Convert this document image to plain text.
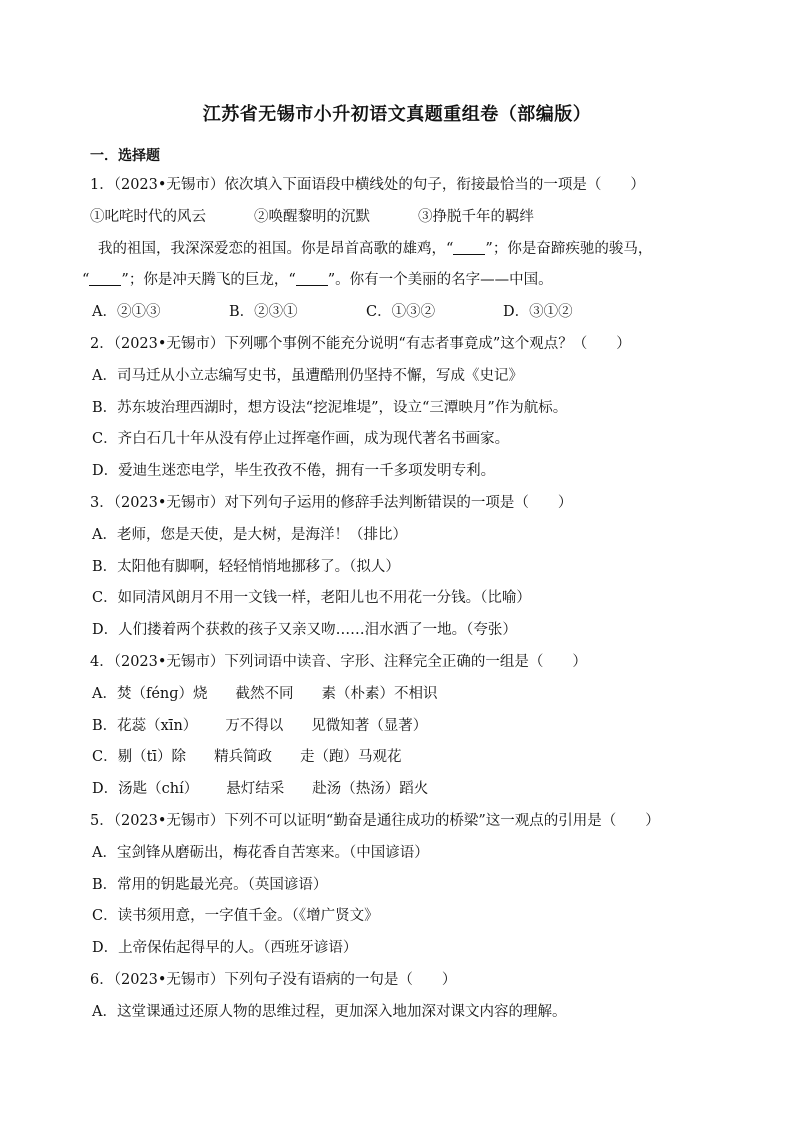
江苏省无锡市小升初语文真题重组卷（部编版）
一．选择题
1．（2023•无锡市）依次填入下面语段中横线处的句子，衔接最恰当的一项是（　　）
①叱咤时代的风云	②唤醒黎明的沉默	③挣脱千年的羁绊
我的祖国，我深深爱恋的祖国。你是昂首高歌的雄鸡，“ ”；你是奋蹄疾驰的骏马，
“ ”；你是冲天腾飞的巨龙，“ ”。你有一个美丽的名字——中国。
A．②①③	B．②③①	C．①③②	D．③①②
2．（2023•无锡市）下列哪个事例不能充分说明“有志者事竟成”这个观点？（　　）
A．司马迁从小立志编写史书，虽遭酷刑仍坚持不懈，写成《史记》
B．苏东坡治理西湖时，想方设法“挖泥堆堤”，设立“三潭映月”作为航标。
C．齐白石几十年从没有停止过挥毫作画，成为现代著名书画家。
D．爱迪生迷恋电学，毕生孜孜不倦，拥有一千多项发明专利。
3．（2023•无锡市）对下列句子运用的修辞手法判断错误的一项是（　　）
A．老师，您是天使，是大树，是海洋！（排比）
B．太阳他有脚啊，轻轻悄悄地挪移了。（拟人）
C．如同清风朗月不用一文钱一样，老阳儿也不用花一分钱。（比喻）
D．人们搂着两个获救的孩子又亲又吻……泪水洒了一地。（夸张）
4．（2023•无锡市）下列词语中读音、字形、注释完全正确的一组是（　　）
A．焚（fénɡ）烧 截然不同 素（朴素）不相识
B．花蕊（xīn） 万不得以 见微知著（显著）
C．剔（tī）除 精兵简政 走（跑）马观花
D．汤匙（chí） 悬灯结采 赴汤（热汤）蹈火
5．（2023•无锡市）下列不可以证明“勤奋是通往成功的桥梁”这一观点的引用是（　　）
A．宝剑锋从磨砺出，梅花香自苦寒来。（中国谚语）
B．常用的钥匙最光亮。（英国谚语）
C．读书须用意，一字值千金。（《增广贤文》
D．上帝保佑起得早的人。（西班牙谚语）
6．（2023•无锡市）下列句子没有语病的一句是（　　）
A．这堂课通过还原人物的思维过程，更加深入地加深对课文内容的理解。
